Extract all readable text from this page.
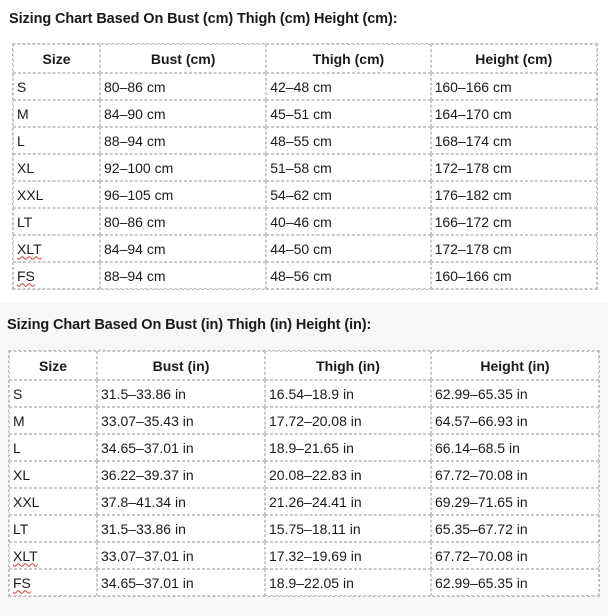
Sizing Chart Based On Bust (cm) Thigh (cm) Height (cm):
Size	Bust (cm)	Thigh (cm)	Height (cm)
S	80–86 cm	42–48 cm	160–166 cm
M	84–90 cm	45–51 cm	164–170 cm
L	88–94 cm	48–55 cm	168–174 cm
XL	92–100 cm	51–58 cm	172–178 cm
XXL	96–105 cm	54–62 cm	176–182 cm
LT	80–86 cm	40–46 cm	166–172 cm
XLT	84–94 cm	44–50 cm	172–178 cm
FS	88–94 cm	48–56 cm	160–166 cm
Sizing Chart Based On Bust (in) Thigh (in) Height (in):
Size	Bust (in)	Thigh (in)	Height (in)
S	31.5–33.86 in	16.54–18.9 in	62.99–65.35 in
M	33.07–35.43 in	17.72–20.08 in	64.57–66.93 in
L	34.65–37.01 in	18.9–21.65 in	66.14–68.5 in
XL	36.22–39.37 in	20.08–22.83 in	67.72–70.08 in
XXL	37.8–41.34 in	21.26–24.41 in	69.29–71.65 in
LT	31.5–33.86 in	15.75–18.11 in	65.35–67.72 in
XLT	33.07–37.01 in	17.32–19.69 in	67.72–70.08 in
FS	34.65–37.01 in	18.9–22.05 in	62.99–65.35 in
